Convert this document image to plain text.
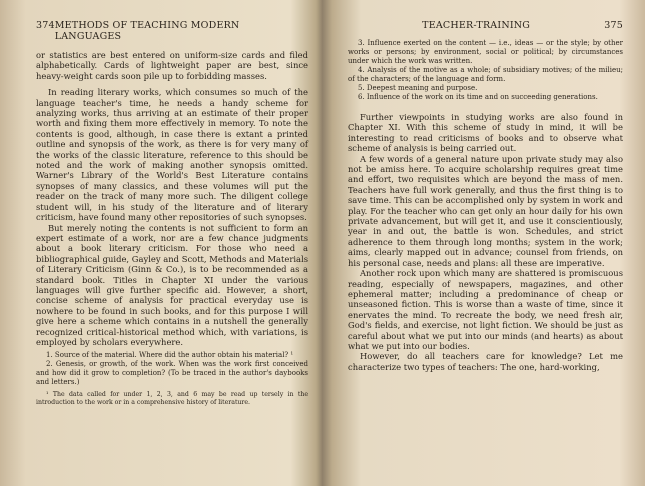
374 METHODS OF TEACHING MODERN LANGUAGES

or statistics are best entered on uniform-size cards and filed alphabetically. Cards of lightweight paper are best, since heavy-weight cards soon pile up to forbidding masses.

In reading literary works, which consumes so much of the language teacher's time, he needs a handy scheme for analyzing works, thus arriving at an estimate of their proper worth and fixing them more effectively in memory. To note the contents is good, although, in case there is extant a printed outline and synopsis of the work, as there is for very many of the works of the classic literature, reference to this should be noted and the work of making another synopsis omitted. Warner's Library of the World's Best Literature contains synopses of many classics, and these volumes will put the reader on the track of many more such. The diligent college student will, in his study of the literature and of literary criticism, have found many other repositories of such synopses.

But merely noting the contents is not sufficient to form an expert estimate of a work, nor are a few chance judgments about a book literary criticism. For those who need a bibliographical guide, Gayley and Scott, Methods and Materials of Literary Criticism (Ginn & Co.), is to be recommended as a standard book. Titles in Chapter XI under the various languages will give further specific aid. However, a short, concise scheme of analysis for practical everyday use is nowhere to be found in such books, and for this purpose I will give here a scheme which contains in a nutshell the generally recognized critical-historical method which, with variations, is employed by scholars everywhere.

1. Source of the material. Where did the author obtain his material? ¹

2. Genesis, or growth, of the work. When was the work first conceived and how did it grow to completion? (To be traced in the author's daybooks and letters.)

¹ The data called for under 1, 2, 3, and 6 may be read up tersely in the introduction to the work or in a comprehensive history of literature.

TEACHER-TRAINING	375

3. Influence exerted on the content — i.e., ideas — or the style; by other works or persons; by environment, social or political; by circumstances under which the work was written.

4. Analysis of the motive as a whole; of subsidiary motives; of the milieu; of the characters; of the language and form.

5. Deepest meaning and purpose.

6. Influence of the work on its time and on succeeding generations.

Further viewpoints in studying works are also found in Chapter XI. With this scheme of study in mind, it will be interesting to read criticisms of books and to observe what scheme of analysis is being carried out.

A few words of a general nature upon private study may also not be amiss here. To acquire scholarship requires great time and effort, two requisites which are beyond the mass of men. Teachers have full work generally, and thus the first thing is to save time. This can be accomplished only by system in work and play. For the teacher who can get only an hour daily for his own private advancement, but will get it, and use it conscientiously, year in and out, the battle is won. Schedules, and strict adherence to them through long months; system in the work; aims, clearly mapped out in advance; counsel from friends, on his personal case, needs and plans: all these are imperative.

Another rock upon which many are shattered is promiscuous reading, especially of newspapers, magazines, and other ephemeral matter; including a predominance of cheap or unseasoned fiction. This is worse than a waste of time, since it enervates the mind. To recreate the body, we need fresh air, God's fields, and exercise, not light fiction. We should be just as careful about what we put into our minds (and hearts) as about what we put into our bodies.

However, do all teachers care for knowledge? Let me characterize two types of teachers: The one, hard-working,
